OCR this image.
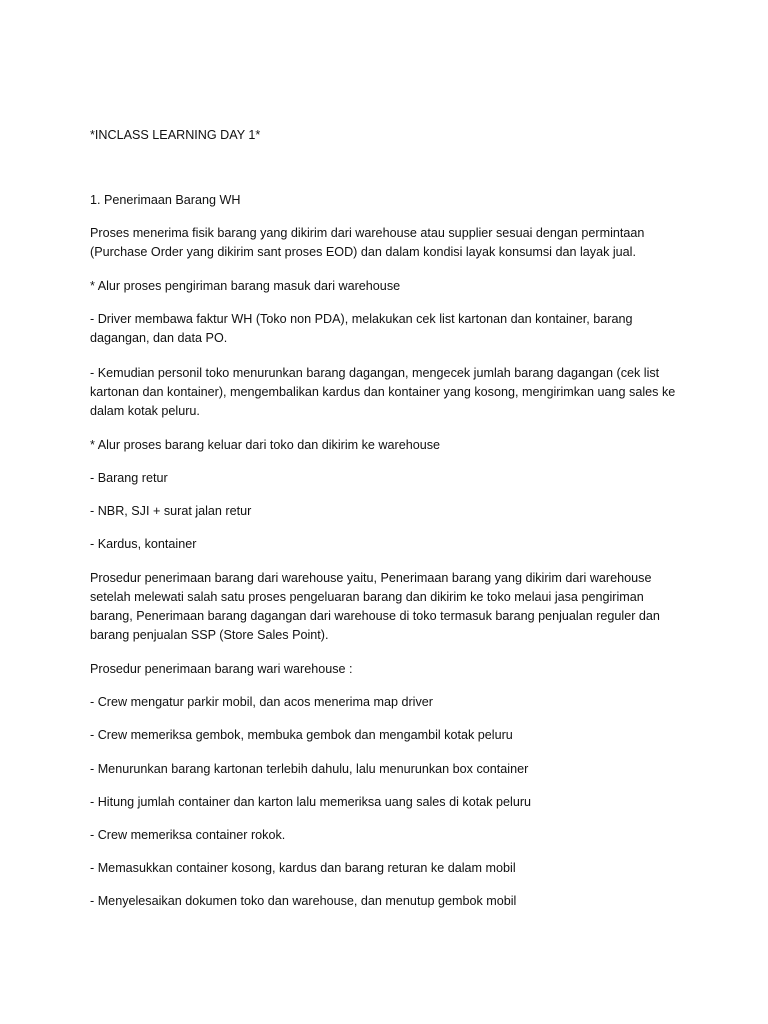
*INCLASS LEARNING DAY 1*

1. Penerimaan Barang WH

Proses menerima fisik barang yang dikirim dari warehouse atau supplier sesuai dengan permintaan (Purchase Order yang dikirim sant proses EOD) dan dalam kondisi layak konsumsi dan layak jual.

* Alur proses pengiriman barang masuk dari warehouse

- Driver membawa faktur WH (Toko non PDA), melakukan cek list kartonan dan kontainer, barang dagangan, dan data PO.

- Kemudian personil toko menurunkan barang dagangan, mengecek jumlah barang dagangan (cek list kartonan dan kontainer), mengembalikan kardus dan kontainer yang kosong, mengirimkan uang sales ke dalam kotak peluru.

* Alur proses barang keluar dari toko dan dikirim ke warehouse

- Barang retur

- NBR, SJI + surat jalan retur

- Kardus, kontainer

Prosedur penerimaan barang dari warehouse yaitu, Penerimaan barang yang dikirim dari warehouse setelah melewati salah satu proses pengeluaran barang dan dikirim ke toko melaui jasa pengiriman barang, Penerimaan barang dagangan dari warehouse di toko termasuk barang penjualan reguler dan barang penjualan SSP (Store Sales Point).

Prosedur penerimaan barang wari warehouse :

- Crew mengatur parkir mobil, dan acos menerima map driver

- Crew memeriksa gembok, membuka gembok dan mengambil kotak peluru

- Menurunkan barang kartonan terlebih dahulu, lalu menurunkan box container

- Hitung jumlah container dan karton lalu memeriksa uang sales di kotak peluru

- Crew memeriksa container rokok.

- Memasukkan container kosong, kardus dan barang returan ke dalam mobil

- Menyelesaikan dokumen toko dan warehouse, dan menutup gembok mobil
